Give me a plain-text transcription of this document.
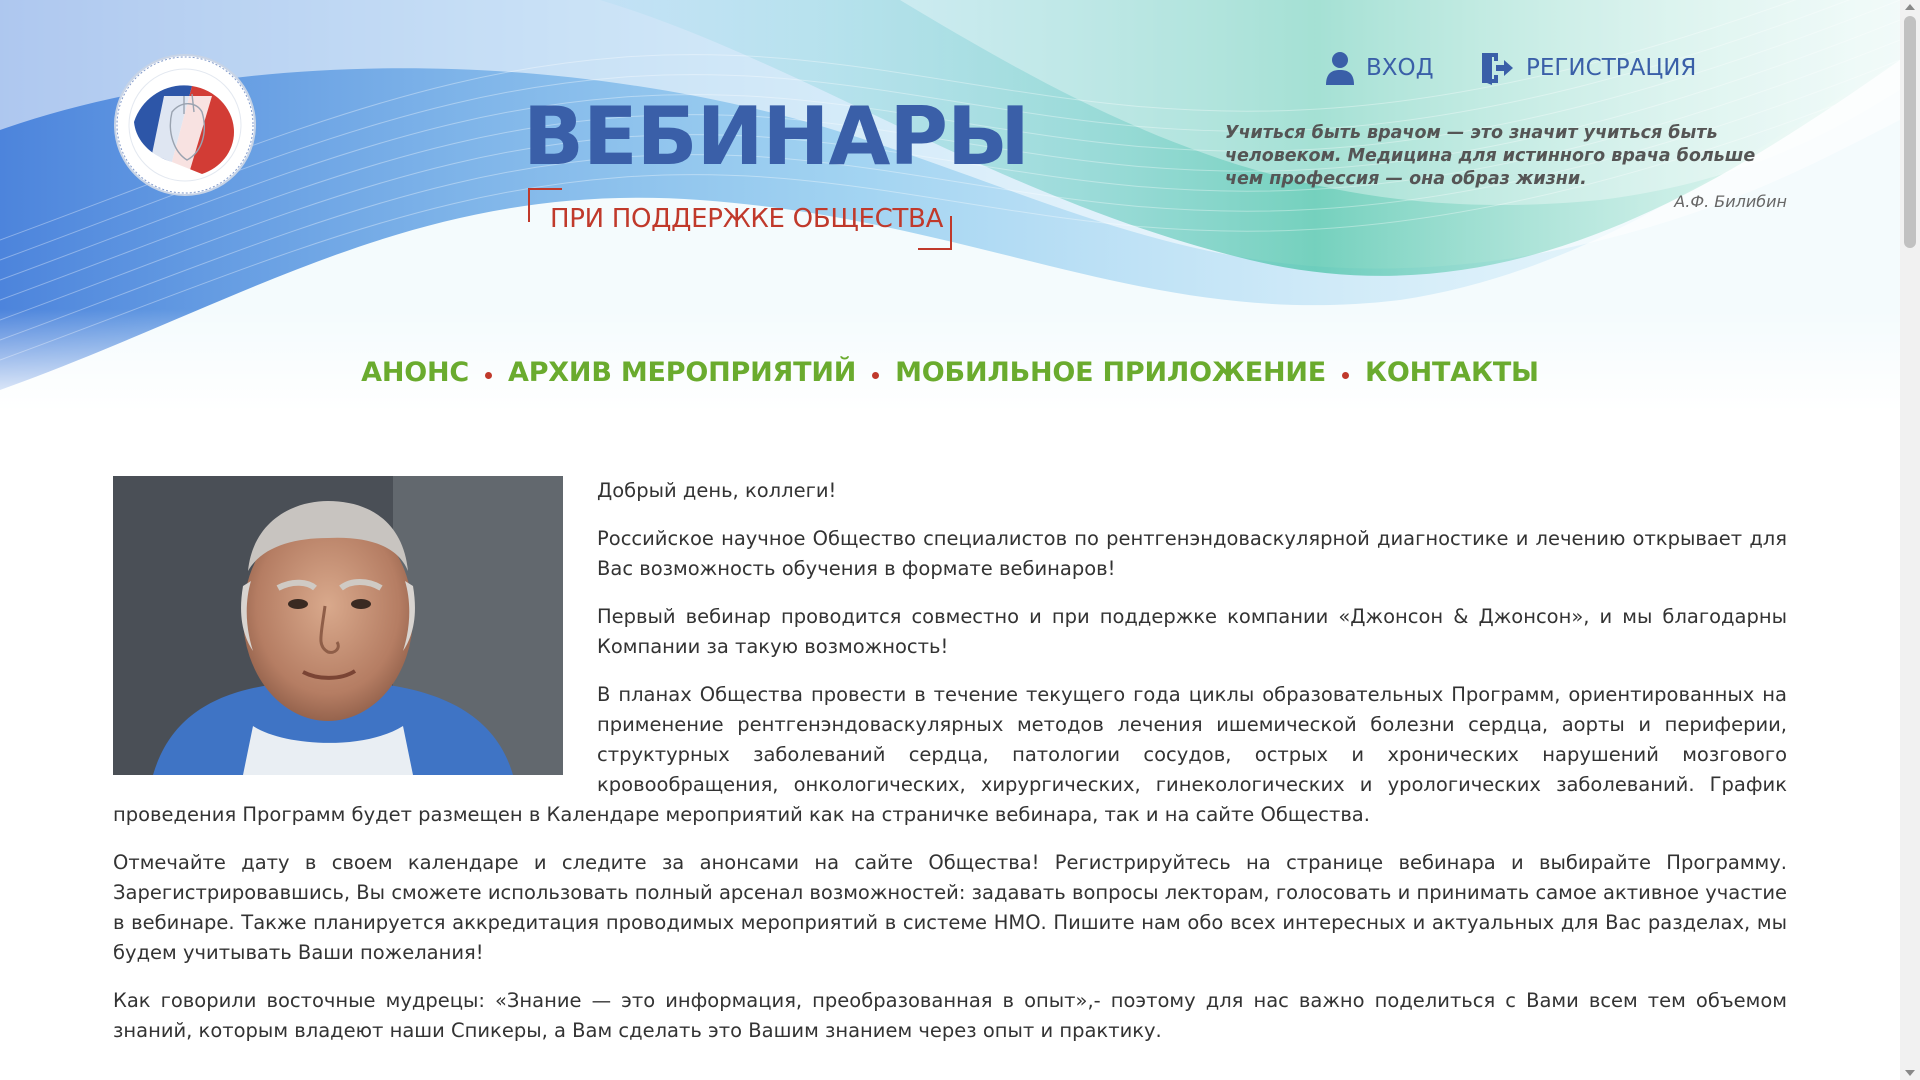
ВЕБИНАРЫ
ПРИ ПОДДЕРЖКЕ ОБЩЕСТВА
ВХОД	РЕГИСТРАЦИЯ
Учиться быть врачом — это значит учиться быть человеком. Медицина для истинного врача больше чем профессия — она образ жизни.
А.Ф. Билибин
АНОНС АРХИВ МЕРОПРИЯТИЙ МОБИЛЬНОЕ ПРИЛОЖЕНИЕ КОНТАКТЫ

Добрый день, коллеги!

Российское научное Общество специалистов по рентгенэндоваскулярной диагностике и лечению открывает для Вас возможность обучения в формате вебинаров!

Первый вебинар проводится совместно и при поддержке компании «Джонсон & Джонсон», и мы благодарны Компании за такую возможность!

В планах Общества провести в течение текущего года циклы образовательных Программ, ориентированных на применение рентгенэндоваскулярных методов лечения ишемической болезни сердца, аорты и периферии, структурных заболеваний сердца, патологии сосудов, острых и хронических нарушений мозгового кровообращения, онкологических, хирургических, гинекологических и урологических заболеваний. График проведения Программ будет размещен в Календаре мероприятий как на страничке вебинара, так и на сайте Общества.

Отмечайте дату в своем календаре и следите за анонсами на сайте Общества! Регистрируйтесь на странице вебинара и выбирайте Программу. Зарегистрировавшись, Вы сможете использовать полный арсенал возможностей: задавать вопросы лекторам, голосовать и принимать самое активное участие в вебинаре. Также планируется аккредитация проводимых мероприятий в системе НМО. Пишите нам обо всех интересных и актуальных для Вас разделах, мы будем учитывать Ваши пожелания!

Как говорили восточные мудрецы: «Знание — это информация, преобразованная в опыт»,- поэтому для нас важно поделиться с Вами всем тем объемом знаний, которым владеют наши Спикеры, а Вам сделать это Вашим знанием через опыт и практику.
